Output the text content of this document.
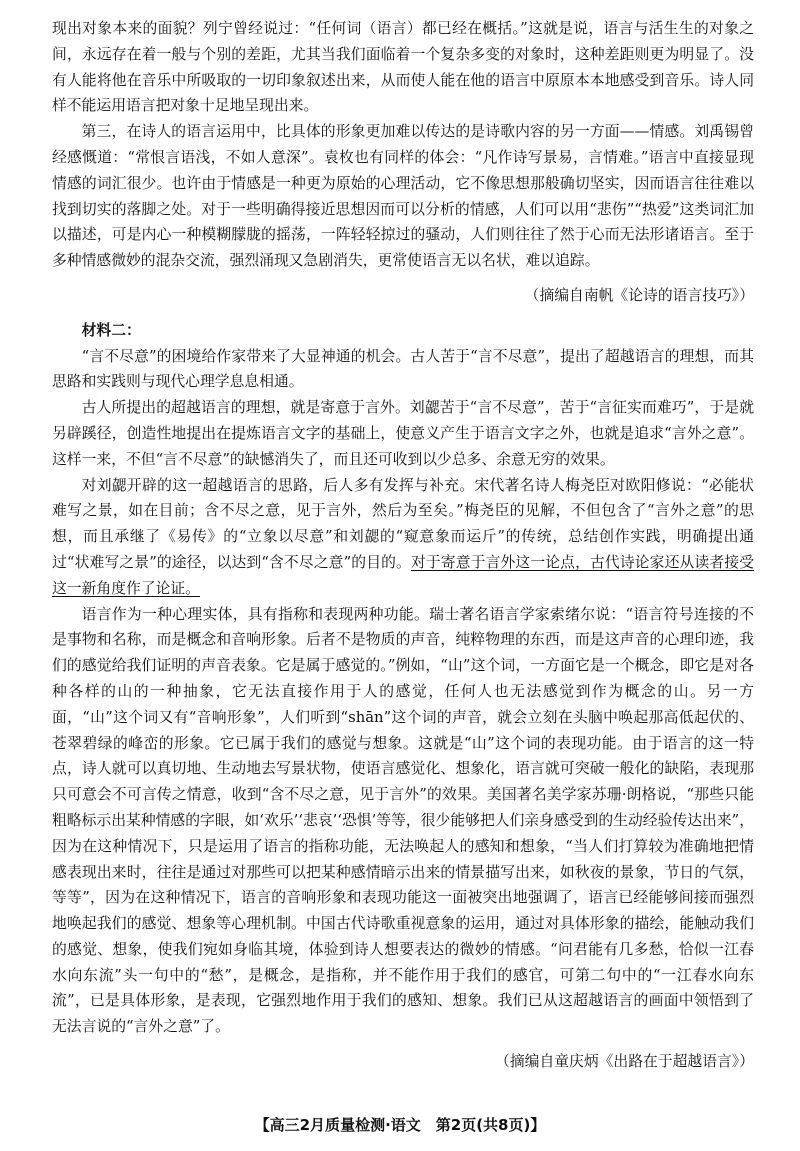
现出对象本来的面貌？列宁曾经说过：“任何词（语言）都已经在概括。”这就是说，语言与活生生的对象之间，永远存在着一般与个别的差距，尤其当我们面临着一个复杂多变的对象时，这种差距则更为明显了。没有人能将他在音乐中所吸取的一切印象叙述出来，从而使人能在他的语言中原原本本地感受到音乐。诗人同样不能运用语言把对象十足地呈现出来。

第三，在诗人的语言运用中，比具体的形象更加难以传达的是诗歌内容的另一方面——情感。刘禹锡曾经感慨道：“常恨言语浅，不如人意深”。袁枚也有同样的体会：“凡作诗写景易，言情难。”语言中直接显现情感的词汇很少。也许由于情感是一种更为原始的心理活动，它不像思想那般确切坚实，因而语言往往难以找到切实的落脚之处。对于一些明确得接近思想因而可以分析的情感，人们可以用“悲伤”“热爱”这类词汇加以描述，可是内心一种模糊朦胧的摇荡，一阵轻轻掠过的骚动，人们则往往了然于心而无法形诸语言。至于多种情感微妙的混杂交流，强烈涌现又急剧消失，更常使语言无以名状，难以追踪。

（摘编自南帆《论诗的语言技巧》）

材料二：

“言不尽意”的困境给作家带来了大显神通的机会。古人苦于“言不尽意”，提出了超越语言的理想，而其思路和实践则与现代心理学息息相通。

古人所提出的超越语言的理想，就是寄意于言外。刘勰苦于“言不尽意”，苦于“言征实而难巧”，于是就另辟蹊径，创造性地提出在提炼语言文字的基础上，使意义产生于语言文字之外，也就是追求“言外之意”。这样一来，不但“言不尽意”的缺憾消失了，而且还可收到以少总多、余意无穷的效果。

对刘勰开辟的这一超越语言的思路，后人多有发挥与补充。宋代著名诗人梅尧臣对欧阳修说：“必能状难写之景，如在目前；含不尽之意，见于言外，然后为至矣。”梅尧臣的见解，不但包含了“言外之意”的思想，而且承继了《易传》的“立象以尽意”和刘勰的“窥意象而运斤”的传统，总结创作实践，明确提出通过“状难写之景”的途径，以达到“含不尽之意”的目的。对于寄意于言外这一论点，古代诗论家还从读者接受这一新角度作了论证。

语言作为一种心理实体，具有指称和表现两种功能。瑞士著名语言学家索绪尔说：“语言符号连接的不是事物和名称，而是概念和音响形象。后者不是物质的声音，纯粹物理的东西，而是这声音的心理印迹，我们的感觉给我们证明的声音表象。它是属于感觉的。”例如，“山”这个词，一方面它是一个概念，即它是对各种各样的山的一种抽象，它无法直接作用于人的感觉，任何人也无法感觉到作为概念的山。另一方面，“山”这个词又有“音响形象”，人们听到“shān”这个词的声音，就会立刻在头脑中唤起那高低起伏的、苍翠碧绿的峰峦的形象。它已属于我们的感觉与想象。这就是“山”这个词的表现功能。由于语言的这一特点，诗人就可以真切地、生动地去写景状物，使语言感觉化、想象化，语言就可突破一般化的缺陷，表现那只可意会不可言传之情意，收到“含不尽之意，见于言外”的效果。美国著名美学家苏珊·朗格说，“那些只能粗略标示出某种情感的字眼，如‘欢乐’‘悲哀’‘恐惧’等等，很少能够把人们亲身感受到的生动经验传达出来”，因为在这种情况下，只是运用了语言的指称功能，无法唤起人的感知和想象，“当人们打算较为准确地把情感表现出来时，往往是通过对那些可以把某种感情暗示出来的情景描写出来，如秋夜的景象，节日的气氛，等等”，因为在这种情况下，语言的音响形象和表现功能这一面被突出地强调了，语言已经能够间接而强烈地唤起我们的感觉、想象等心理机制。中国古代诗歌重视意象的运用，通过对具体形象的描绘，能触动我们的感觉、想象，使我们宛如身临其境，体验到诗人想要表达的微妙的情感。“问君能有几多愁，恰似一江春水向东流”头一句中的“愁”，是概念，是指称，并不能作用于我们的感官，可第二句中的“一江春水向东流”，已是具体形象，是表现，它强烈地作用于我们的感知、想象。我们已从这超越语言的画面中领悟到了无法言说的“言外之意”了。

（摘编自童庆炳《出路在于超越语言》）

【高三2月质量检测·语文　第2页(共8页)】
